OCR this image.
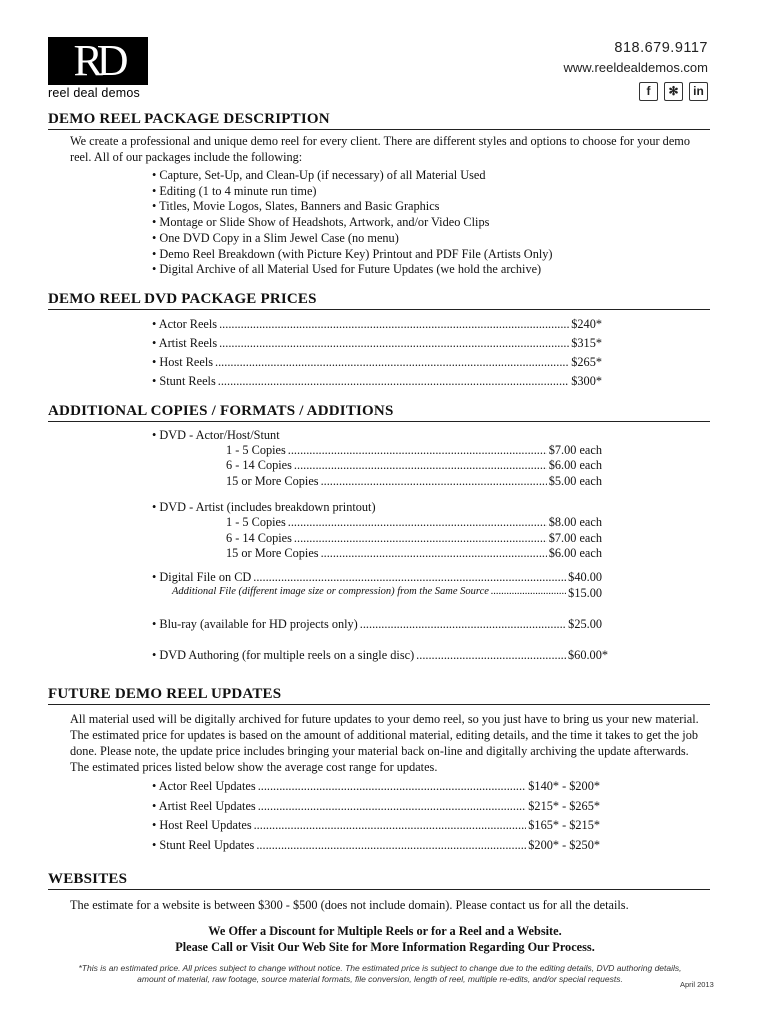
RD
reel deal demos
818.679.9117
www.reeldealdemos.com
f	✻	in
DEMO REEL PACKAGE DESCRIPTION
We create a professional and unique demo reel for every client. There are different styles and options to choose for your demo reel. All of our packages include the following:
• Capture, Set-Up, and Clean-Up (if necessary) of all Material Used
• Editing (1 to 4 minute run time)
• Titles, Movie Logos, Slates, Banners and Basic Graphics
• Montage or Slide Show of Headshots, Artwork, and/or Video Clips
• One DVD Copy in a Slim Jewel Case (no menu)
• Demo Reel Breakdown (with Picture Key) Printout and PDF File (Artists Only)
• Digital Archive of all Material Used for Future Updates (we hold the archive)
DEMO REEL DVD PACKAGE PRICES
• Actor Reels .....	$240*
• Artist Reels .....	$315*
• Host Reels .....	$265*
• Stunt Reels .....	$300*
ADDITIONAL COPIES / FORMATS / ADDITIONS
• DVD - Actor/Host/Stunt
1 - 5 Copies .....	$7.00 each
6 - 14 Copies .....	$6.00 each
15 or More Copies .....	$5.00 each
• DVD - Artist (includes breakdown printout)
1 - 5 Copies .....	$8.00 each
6 - 14 Copies .....	$7.00 each
15 or More Copies .....	$6.00 each
• Digital File on CD .....	$40.00
Additional File (different image size or compression) from the Same Source .....	$15.00
• Blu-ray (available for HD projects only) .....	$25.00
• DVD Authoring (for multiple reels on a single disc) .....	$60.00*
FUTURE DEMO REEL UPDATES
All material used will be digitally archived for future updates to your demo reel, so you just have to bring us your new material. The estimated price for updates is based on the amount of additional material, editing details, and the time it takes to get the job done. Please note, the update price includes bringing your material back on-line and digitally archiving the update afterwards. The estimated prices listed below show the average cost range for updates.
• Actor Reel Updates .....	$140* - $200*
• Artist Reel Updates .....	$215* - $265*
• Host Reel Updates .....	$165* - $215*
• Stunt Reel Updates .....	$200* - $250*
WEBSITES
The estimate for a website is between $300 - $500 (does not include domain). Please contact us for all the details.
We Offer a Discount for Multiple Reels or for a Reel and a Website.
Please Call or Visit Our Web Site for More Information Regarding Our Process.
*This is an estimated price. All prices subject to change without notice. The estimated price is subject to change due to the editing details, DVD authoring details, amount of material, raw footage, source material formats, file conversion, length of reel, multiple re-edits, and/or special requests.
April 2013
